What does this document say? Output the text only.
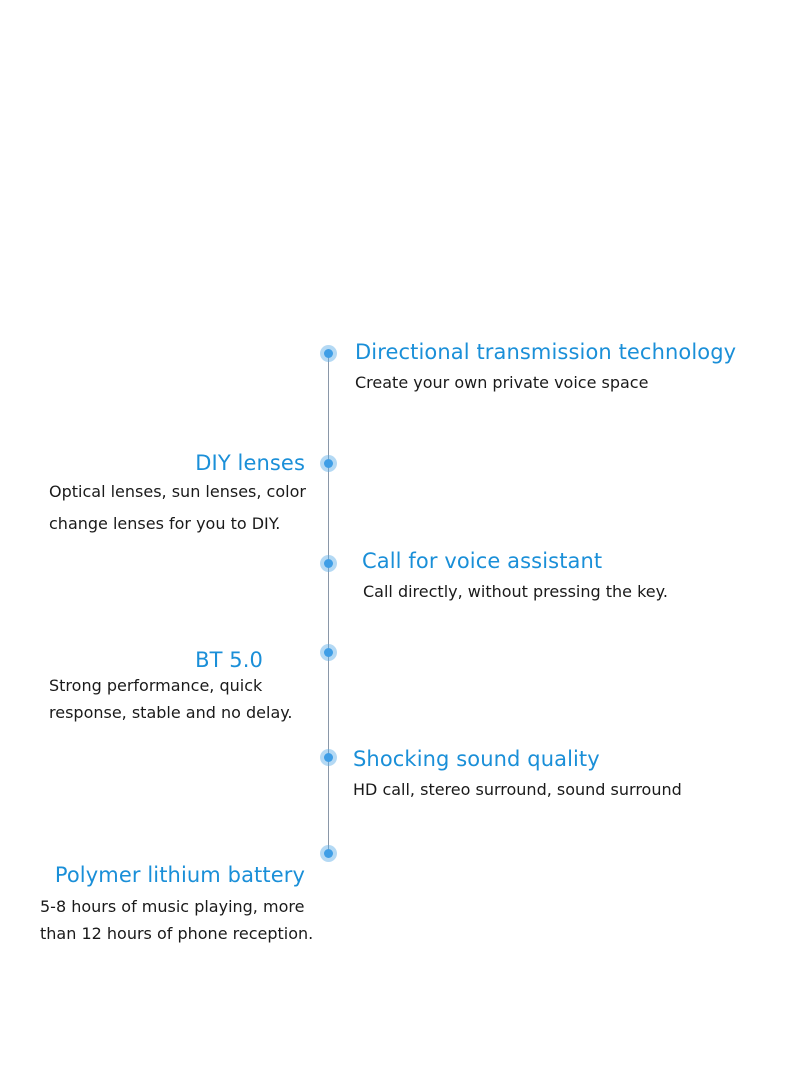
Directional transmission technology
Create your own private voice space
DIY lenses
Optical lenses, sun lenses, color
change lenses for you to DIY.
Call for voice assistant
Call directly, without pressing the key.
BT 5.0
Strong performance, quick
response, stable and no delay.
Shocking sound quality
HD call, stereo surround, sound surround
Polymer lithium battery
5-8 hours of music playing, more
than 12 hours of phone reception.
